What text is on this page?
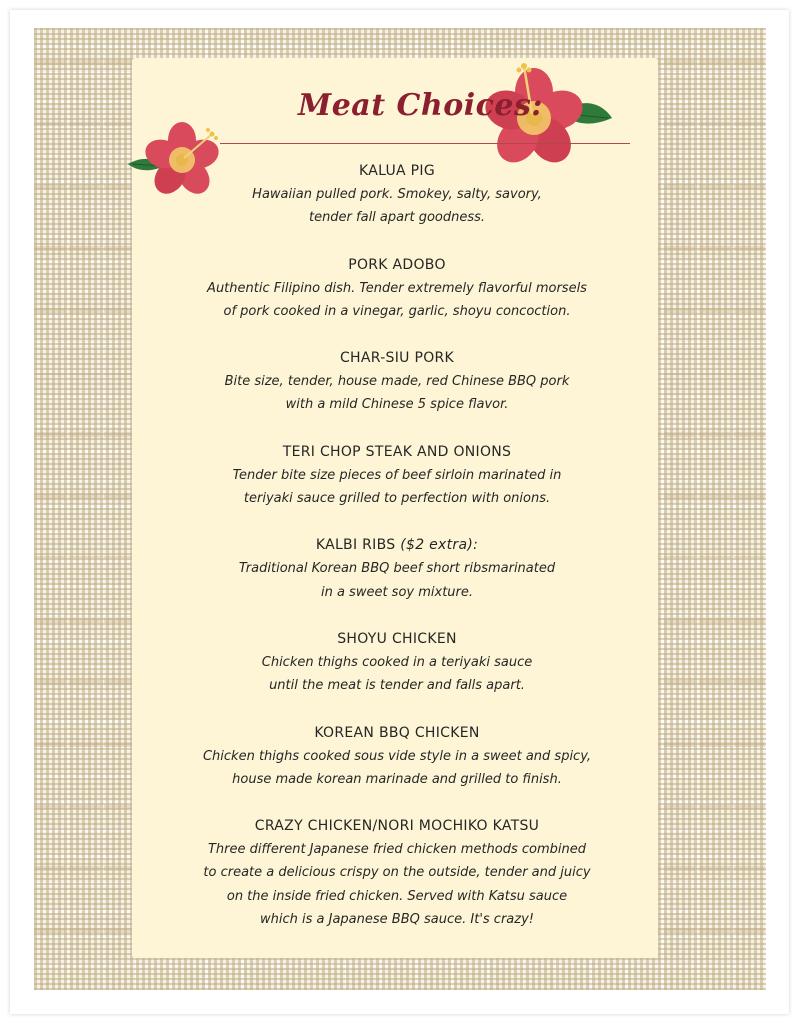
Meat Choices:
KALUA PIG
Hawaiian pulled pork. Smokey, salty, savory,
tender fall apart goodness.
PORK ADOBO
Authentic Filipino dish. Tender extremely flavorful morsels
of pork cooked in a vinegar, garlic, shoyu concoction.
CHAR-SIU PORK
Bite size, tender, house made, red Chinese BBQ pork
with a mild Chinese 5 spice flavor.
TERI CHOP STEAK AND ONIONS
Tender bite size pieces of beef sirloin marinated in
teriyaki sauce grilled to perfection with onions.
KALBI RIBS ($2 extra):
Traditional Korean BBQ beef short ribsmarinated
in a sweet soy mixture.
SHOYU CHICKEN
Chicken thighs cooked in a teriyaki sauce
until the meat is tender and falls apart.
KOREAN BBQ CHICKEN
Chicken thighs cooked sous vide style in a sweet and spicy,
house made korean marinade and grilled to finish.
CRAZY CHICKEN/NORI MOCHIKO KATSU
Three different Japanese fried chicken methods combined
to create a delicious crispy on the outside, tender and juicy
on the inside fried chicken. Served with Katsu sauce
which is a Japanese BBQ sauce. It's crazy!
